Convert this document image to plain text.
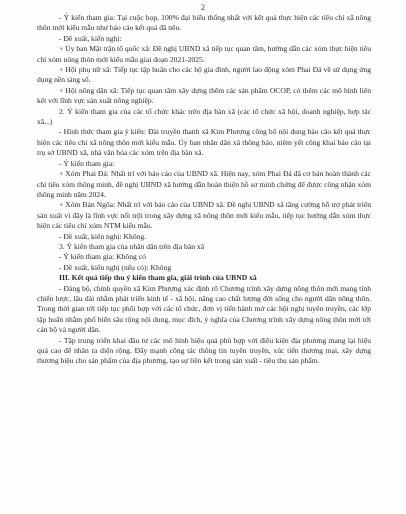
2

- Ý kiến tham gia: Tại cuộc họp, 100% đại biểu thống nhất với kết quả thực hiện các tiêu chí xã nông thôn mới kiểu mẫu như báo cáo kết quả đã nêu.

- Đề xuất, kiến nghị:

+ Ủy ban Mặt trận tổ quốc xã: Đề nghị UBND xã tiếp tục quan tâm, hướng dẫn các xóm thực hiện tiêu chí xóm nông thôn mới kiểu mẫu giai đoạn 2021-2025.

+ Hội phụ nữ xã: Tiếp tục tập huấn cho các hộ gia đình, người lao động xóm Phai Đá về sử dụng ứng dụng nền tảng số.

+ Hội nông dân xã: Tiếp tục quan tâm xây dựng thêm các sản phẩm OCOP, có thêm các mô hình liên kết với lĩnh vực sản xuất nông nghiệp.

2. Ý kiến tham gia của các tổ chức khác trên địa bàn xã (các tổ chức xã hội, doanh nghiệp, hợp tác xã,..)

- Hình thức tham gia ý kiến: Đài truyền thanh xã Kim Phượng công bố nội dung báo cáo kết quả thực hiện các tiêu chí xã nông thôn mới kiểu mẫu. Ủy ban nhân dân xã thông báo, niêm yết công khai báo cáo tại trụ sở UBND xã, nhà văn hóa các xóm trên địa bàn xã.

- Ý kiến tham gia:

+ Xóm Phai Đá: Nhất trí với báo cáo của UBND xã. Hiện nay, xóm Phai Đá đã cơ bản hoàn thành các chỉ tiêu xóm thông minh, đề nghị UBND xã hướng dẫn hoàn thiện hồ sơ minh chứng để được công nhận xóm thông minh năm 2024.

+ Xóm Bản Ngõa: Nhất trí với báo cáo của UBND xã. Đề nghị UBND xã tăng cường hỗ trợ phát triển sản xuất vì đây là lĩnh vực nổi trội trong xây dựng xã nông thôn mới kiểu mẫu, tiếp tục hướng dẫn xóm thực hiện các tiêu chí xóm NTM kiểu mẫu.

- Đề xuất, kiến nghị: Không.

3. Ý kiến tham gia của nhân dân trên địa bàn xã

- Ý kiến tham gia: Không có

- Đề xuất, kiến nghị (nếu có): Không

III. Kết quả tiếp thu ý kiến tham gia, giải trình của UBND xã

- Đảng bộ, chính quyền xã Kim Phượng xác định rõ Chương trình xây dựng nông thôn mới mang tính chiến lược, lâu dài nhằm phát triển kinh tế - xã hội, nâng cao chất lượng đời sống cho người dân nông thôn. Trong thời gian tới tiếp tục phối hợp với các tổ chức, đơn vị tiến hành mở các hội nghị tuyên truyền, các lớp tập huấn nhằm phổ biến sâu rộng nội dung, mục đích, ý nghĩa của Chương trình xây dựng nông thôn mới tới cán bộ và người dân.

- Tập trung triển khai đầu tư các mô hình hiệu quả phù hợp với điều kiện địa phương mang lại hiệu quả cao để nhân ra diện rộng. Đẩy mạnh công tác thông tin tuyên truyền, xúc tiến thương mại, xây dựng thương hiệu cho sản phẩm của địa phương, tạo sự liên kết trong sản xuất - tiêu thụ sản phẩm.
